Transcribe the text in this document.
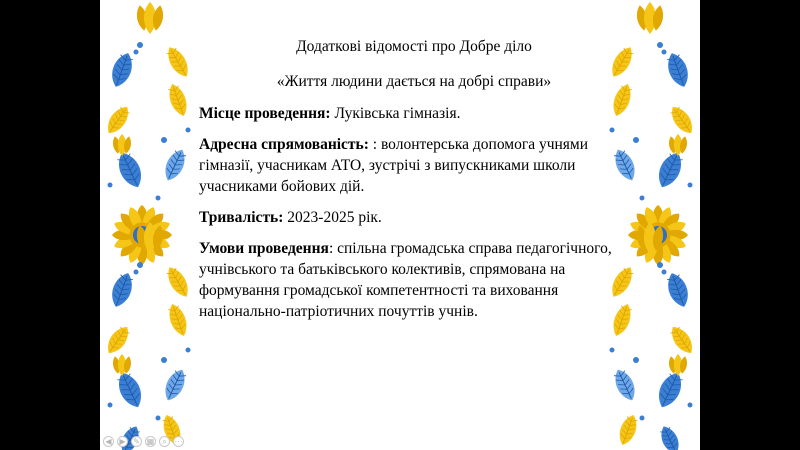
Додаткові відомості про Добре діло

«Життя людини дається на добрі справи»

Місце проведення: Луківська гімназія.

Адресна спрямованість: : волонтерська допомога учнями гімназії, учасникам АТО, зустрічі з випускниками школи учасниками бойових дій.

Тривалість: 2023-2025 рік.

Умови проведення: спільна громадська справа педагогічного, учнівського та батьківського колективів, спрямована на формування громадської компетентності та виховання національно-патріотичних почуттів учнів.

◀ ▶ ✎ ▦ ⌕ ⋯
